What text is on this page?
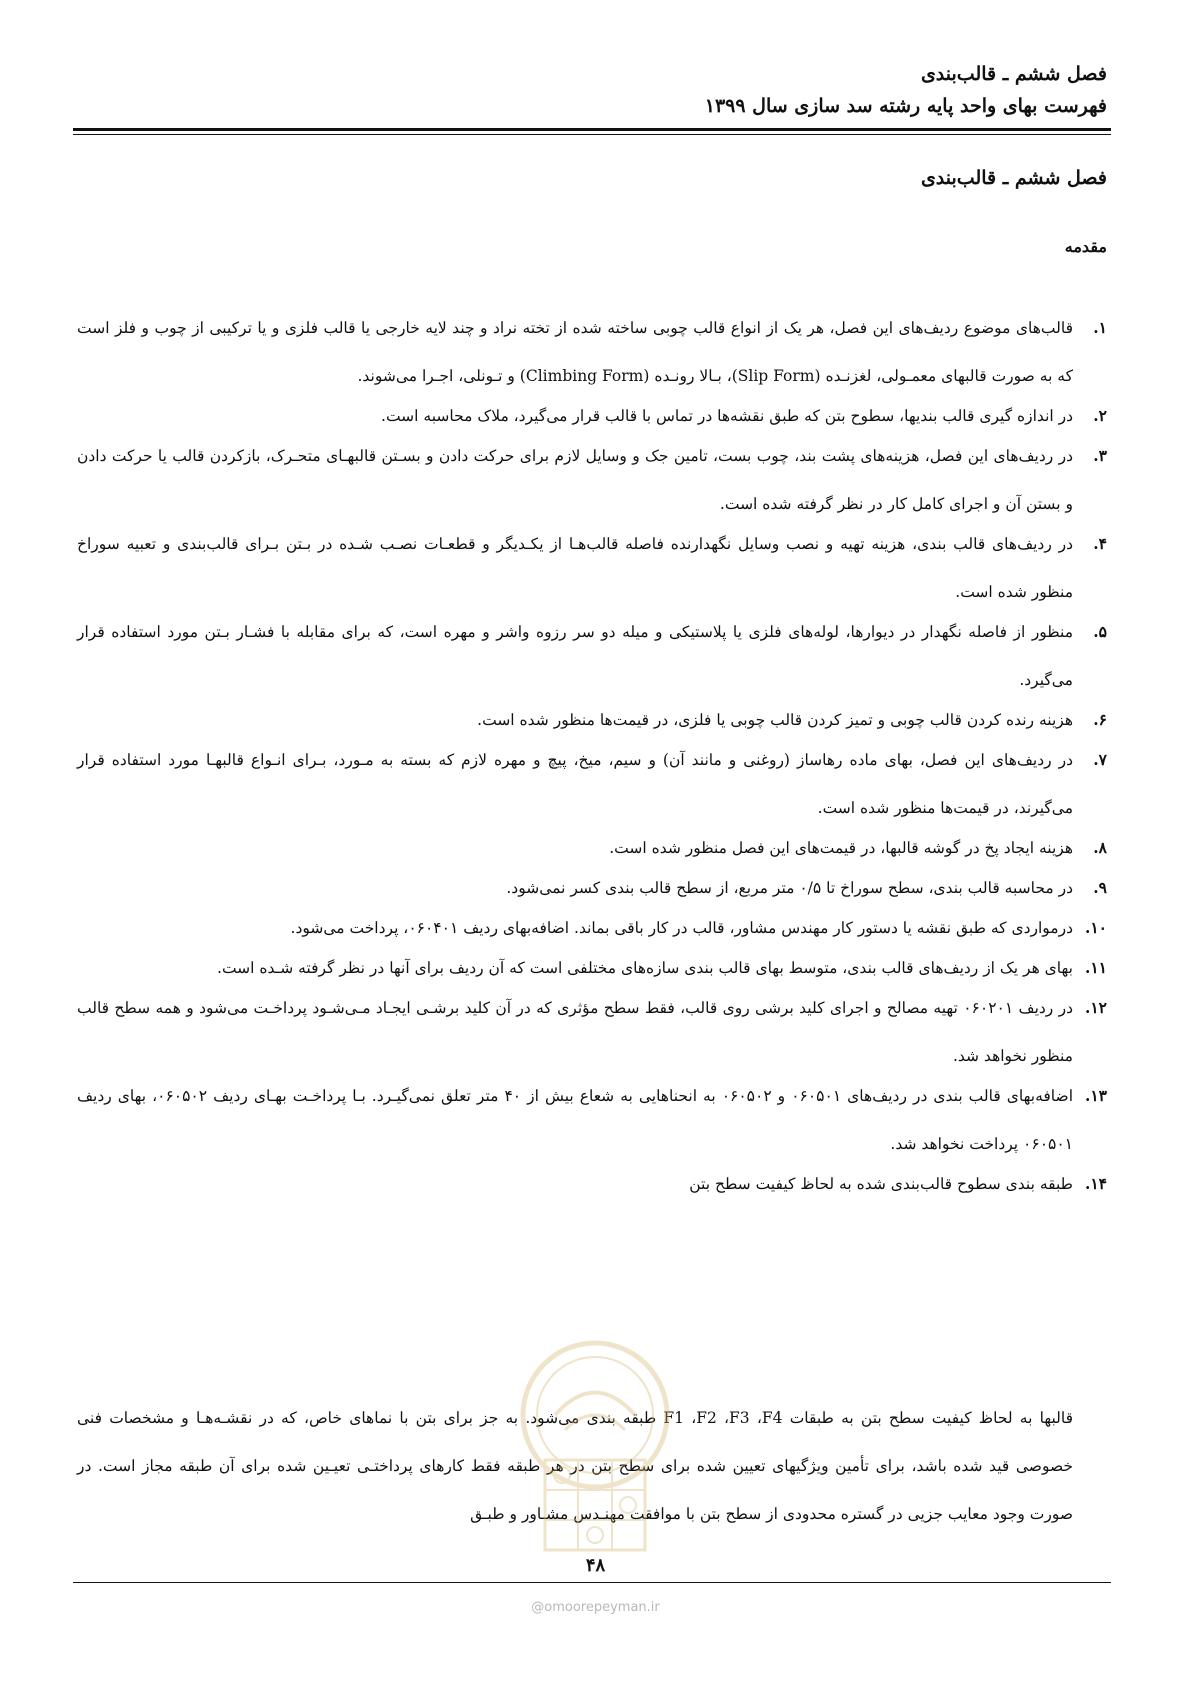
فصل ششم ـ قالب‌بندی
فهرست بهای واحد پایه رشته سد سازی سال ۱۳۹۹
فصل ششم ـ قالب‌بندی
مقدمه
۱.
قالب‌های موضوع ردیف‌های این فصل، هر یک از انواع قالب چوبی ساخته شده از تخته نراد و چند لایه خارجی یا قالب فلزی و یا ترکیبی از چوب و فلز است که به صورت قالبهای معمـولی، لغزنـده (Slip Form)، بـالا رونـده (Climbing Form) و تـونلی، اجـرا می‌شوند.
۲.
در اندازه گیری قالب بندیها، سطوح بتن که طبق نقشه‌ها در تماس با قالب قرار می‌گیرد، ملاک محاسبه است.
۳.
در ردیف‌های این فصل، هزینه‌های پشت بند، چوب بست، تامین جک و وسایل لازم برای حرکت دادن و بسـتن قالبهـای متحـرک، بازکردن قالب یا حرکت دادن و بستن آن و اجرای کامل کار در نظر گرفته شده است.
۴.
در ردیف‌های قالب بندی، هزینه تهیه و نصب وسایل نگهدارنده فاصله قالب‌هـا از یکـدیگر و قطعـات نصـب شـده در بـتن بـرای قالب‌بندی و تعبیه سوراخ منظور شده است.
۵.
منظور از فاصله نگهدار در دیوارها، لوله‌های فلزی یا پلاستیکی و میله دو سر رزوه واشر و مهره است، که برای مقابله با فشـار بـتن مورد استفاده قرار می‌گیرد.
۶.
هزینه رنده کردن قالب چوبی و تمیز کردن قالب چوبی یا فلزی، در قیمت‌ها منظور شده است.
۷.
در ردیف‌های این فصل، بهای ماده رهاساز (روغنی و مانند آن) و سیم، میخ، پیچ و مهره لازم که بسته به مـورد، بـرای انـواع قالبهـا مورد استفاده قرار می‌گیرند، در قیمت‌ها منظور شده است.
۸.
هزینه ایجاد پخ در گوشه قالبها، در قیمت‌های این فصل منظور شده است.
۹.
در محاسبه قالب بندی، سطح سوراخ تا ۰/۵ متر مربع، از سطح قالب بندی کسر نمی‌شود.
۱۰.
درمواردی که طبق نقشه یا دستور کار مهندس مشاور، قالب در کار باقی بماند. اضافه‌بهای ردیف ۰۶۰۴۰۱، پرداخت می‌شود.
۱۱.
بهای هر یک از ردیف‌های قالب بندی، متوسط بهای قالب بندی سازه‌های مختلفی است که آن ردیف برای آنها در نظر گرفته شـده است.
۱۲.
در ردیف ۰۶۰۲۰۱ تهیه مصالح و اجرای کلید برشی روی قالب، فقط سطح مؤثری که در آن کلید برشـی ایجـاد مـی‌شـود پرداخـت می‌شود و همه سطح قالب منظور نخواهد شد.
۱۳.
اضافه‌بهای قالب بندی در ردیف‌های ۰۶۰۵۰۱ و ۰۶۰۵۰۲ به انحناهایی به شعاع بیش از ۴۰ متر تعلق نمی‌گیـرد. بـا پرداخـت بهـای ردیف ۰۶۰۵۰۲، بهای ردیف ۰۶۰۵۰۱ پرداخت نخواهد شد.
۱۴.
طبقه بندی سطوح قالب‌بندی شده به لحاظ کیفیت سطح بتن
قالبها به لحاظ کیفیت سطح بتن به طبقات F1 ،F2 ،F3 ،F4 طبقه بندی می‌شود. به جز برای بتن با نماهای خاص، که در نقشـه‌هـا و مشخصات فنی خصوصی قید شده باشد، برای تأمین ویژگیهای تعیین شده برای سطح بتن در هر طبقه فقط کارهای پرداختـی تعیـین شده برای آن طبقه مجاز است. در صورت وجود معایب جزیی در گستره محدودی از سطح بتن با موافقت مهنـدس مشـاور و طبـق
۴۸
@omoorepeyman.ir
